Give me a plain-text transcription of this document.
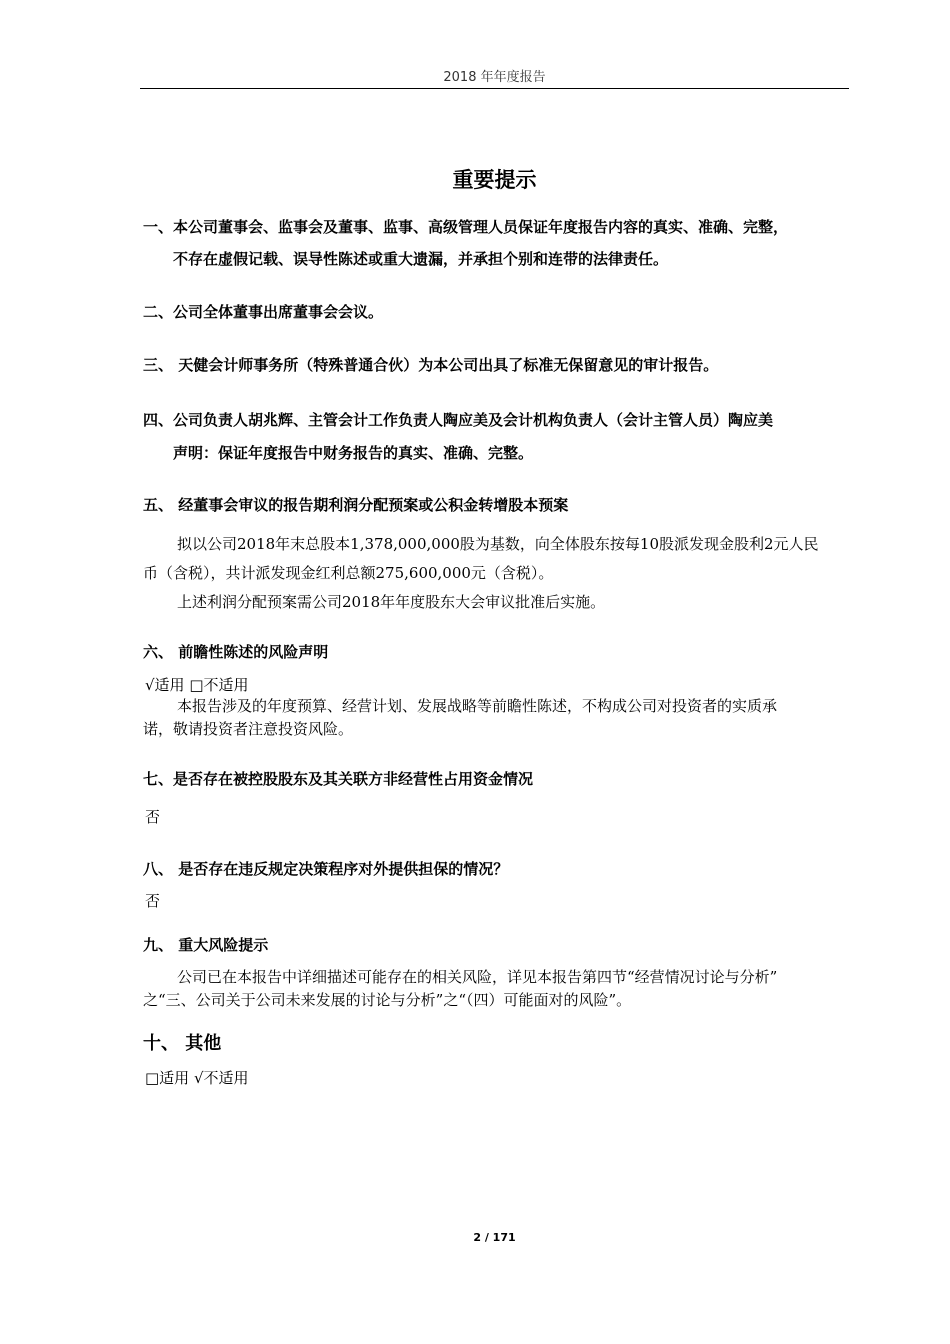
2018 年年度报告
重要提示
一、本公司董事会、监事会及董事、监事、高级管理人员保证年度报告内容的真实、准确、完整，
不存在虚假记载、误导性陈述或重大遗漏，并承担个别和连带的法律责任。
二、公司全体董事出席董事会会议。
三、 天健会计师事务所（特殊普通合伙）为本公司出具了标准无保留意见的审计报告。
四、公司负责人胡兆辉、主管会计工作负责人陶应美及会计机构负责人（会计主管人员）陶应美
声明：保证年度报告中财务报告的真实、准确、完整。
五、 经董事会审议的报告期利润分配预案或公积金转增股本预案
拟以公司2018年末总股本1,378,000,000股为基数，向全体股东按每10股派发现金股利2元人民
币（含税），共计派发现金红利总额275,600,000元（含税）。
上述利润分配预案需公司2018年年度股东大会审议批准后实施。
六、 前瞻性陈述的风险声明
√适用 □不适用
本报告涉及的年度预算、经营计划、发展战略等前瞻性陈述，不构成公司对投资者的实质承
诺，敬请投资者注意投资风险。
七、是否存在被控股股东及其关联方非经营性占用资金情况
否
八、 是否存在违反规定决策程序对外提供担保的情况？
否
九、 重大风险提示
公司已在本报告中详细描述可能存在的相关风险，详见本报告第四节“经营情况讨论与分析”
之“三、公司关于公司未来发展的讨论与分析”之“（四）可能面对的风险”。
十、 其他
□适用 √不适用
2 / 171
